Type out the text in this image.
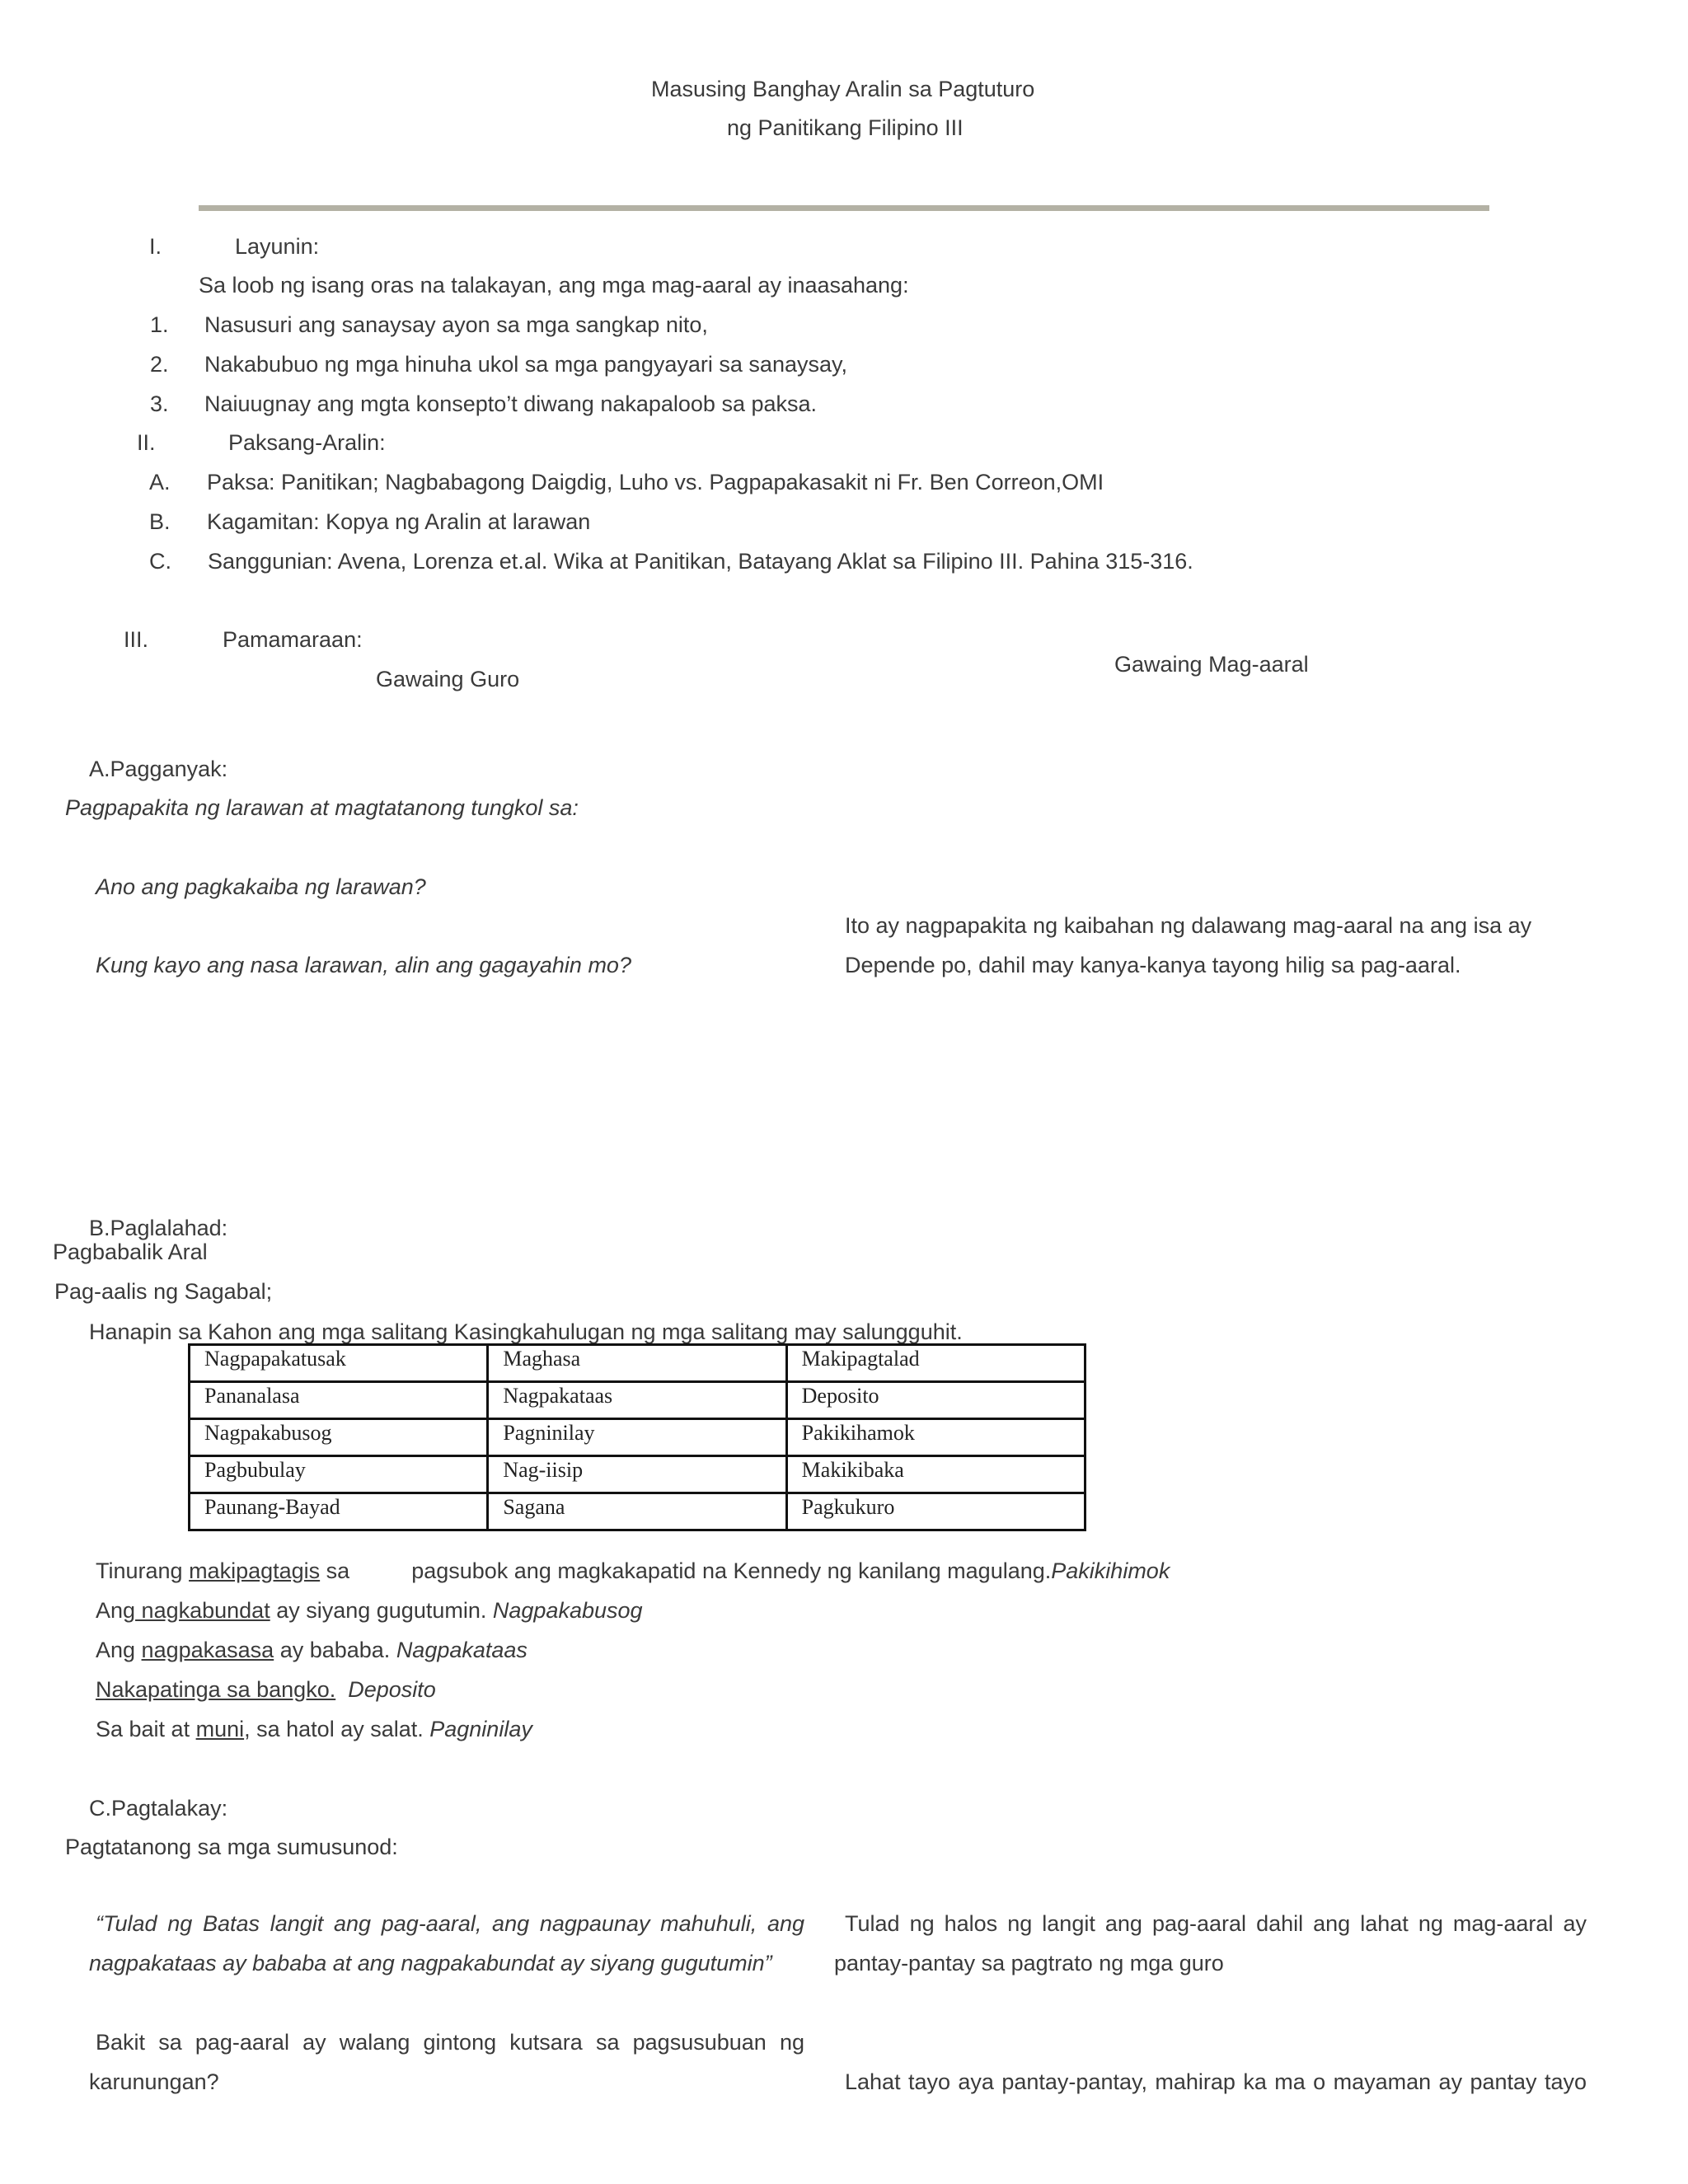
Masusing Banghay Aralin sa Pagtuturo
ng Panitikang Filipino III
I.	Layunin:
Sa loob ng isang oras na talakayan, ang mga mag-aaral ay inaasahang:
1. Nasusuri ang sanaysay ayon sa mga sangkap nito,
2. Nakabubuo ng mga hinuha ukol sa mga pangyayari sa sanaysay,
3. Naiuugnay ang mgta konsepto’t diwang nakapaloob sa paksa.
II.	Paksang-Aralin:
A. Paksa: Panitikan; Nagbabagong Daigdig, Luho vs. Pagpapakasakit ni Fr. Ben Correon,OMI
B. Kagamitan: Kopya ng Aralin at larawan
C. Sanggunian: Avena, Lorenza et.al. Wika at Panitikan, Batayang Aklat sa Filipino III. Pahina 315-316.
III.	Pamamaraan:
Gawaing Guro
Gawaing Mag-aaral
A.Pagganyak:
Pagpapakita ng larawan at magtatanong tungkol sa:
Ano ang pagkakaiba ng larawan?
Kung kayo ang nasa larawan, alin ang gagayahin mo?
Ito ay nagpapakita ng kaibahan ng dalawang mag-aaral na ang isa ay
Depende po, dahil may kanya-kanya tayong hilig sa pag-aaral.
B.Paglalahad:
Pagbabalik Aral
Pag-aalis ng Sagabal;
Hanapin sa Kahon ang mga salitang Kasingkahulugan ng mga salitang may salungguhit.
Nagpapakatusak	Maghasa	Makipagtalad
Pananalasa	Nagpakataas	Deposito
Nagpakabusog	Pagninilay	Pakikihamok
Pagbubulay	Nag-iisip	Makikibaka
Paunang-Bayad	Sagana	Pagkukuro
Tinurang makipagtagis sa          pagsubok ang magkakapatid na Kennedy ng kanilang magulang.Pakikihimok
Ang nagkabundat ay siyang gugutumin. Nagpakabusog
Ang nagpakasasa ay bababa. Nagpakataas
Nakapatinga sa bangko. Deposito
Sa bait at muni, sa hatol ay salat. Pagninilay
C.Pagtalakay:
Pagtatanong sa mga sumusunod:
“Tulad ng Batas langit ang pag-aaral, ang nagpaunay mahuhuli, ang nagpakataas ay bababa at ang nagpakabundat ay siyang gugutumin”
Tulad ng halos ng langit ang pag-aaral dahil ang lahat ng mag-aaral ay pantay-pantay sa pagtrato ng mga guro
Bakit sa pag-aaral ay walang gintong kutsara sa pagsusubuan ng karunungan?	Lahat tayo aya pantay-pantay, mahirap ka ma o mayaman ay pantay tayo
